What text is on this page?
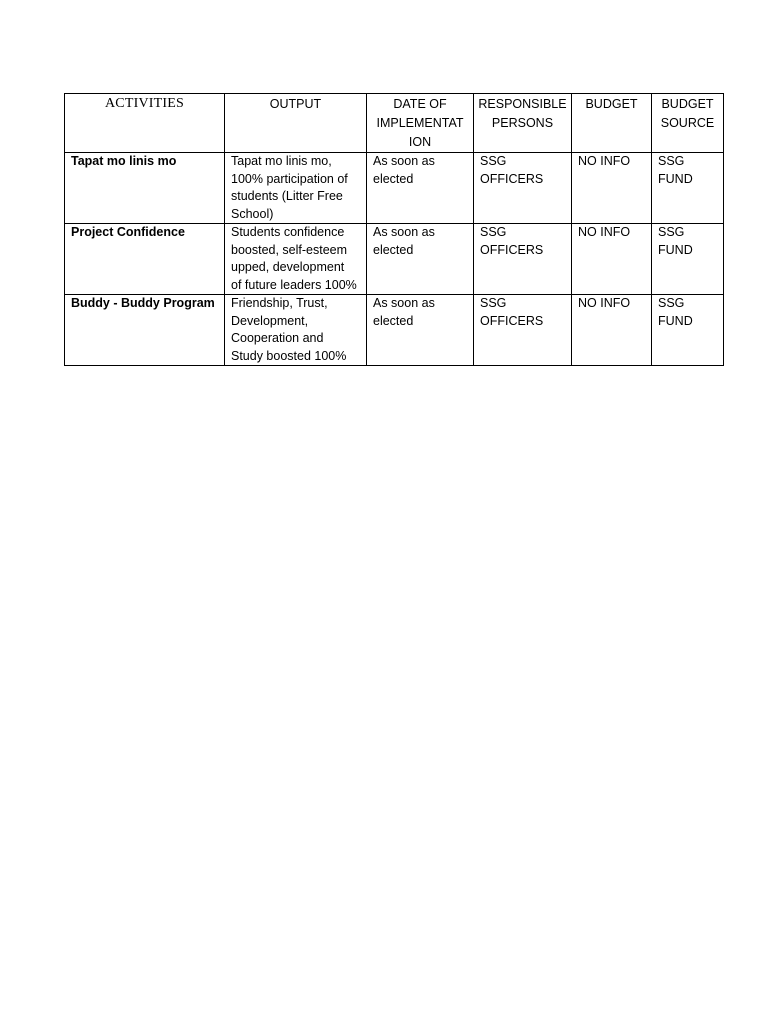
ACTIVITIES	OUTPUT	DATE OF
IMPLEMENTAT
ION	RESPONSIBLE
PERSONS	BUDGET	BUDGET
SOURCE

Tapat mo linis mo	Tapat mo linis mo,
100% participation of
students (Litter Free
School)	As soon as
elected	SSG OFFICERS	NO INFO	SSG FUND

Project Confidence	Students confidence
boosted, self-esteem
upped, development
of future leaders 100%	As soon as
elected	SSG OFFICERS	NO INFO	SSG FUND

Buddy - Buddy Program	Friendship, Trust,
Development,
Cooperation and
Study boosted 100%	As soon as
elected	SSG OFFICERS	NO INFO	SSG FUND
